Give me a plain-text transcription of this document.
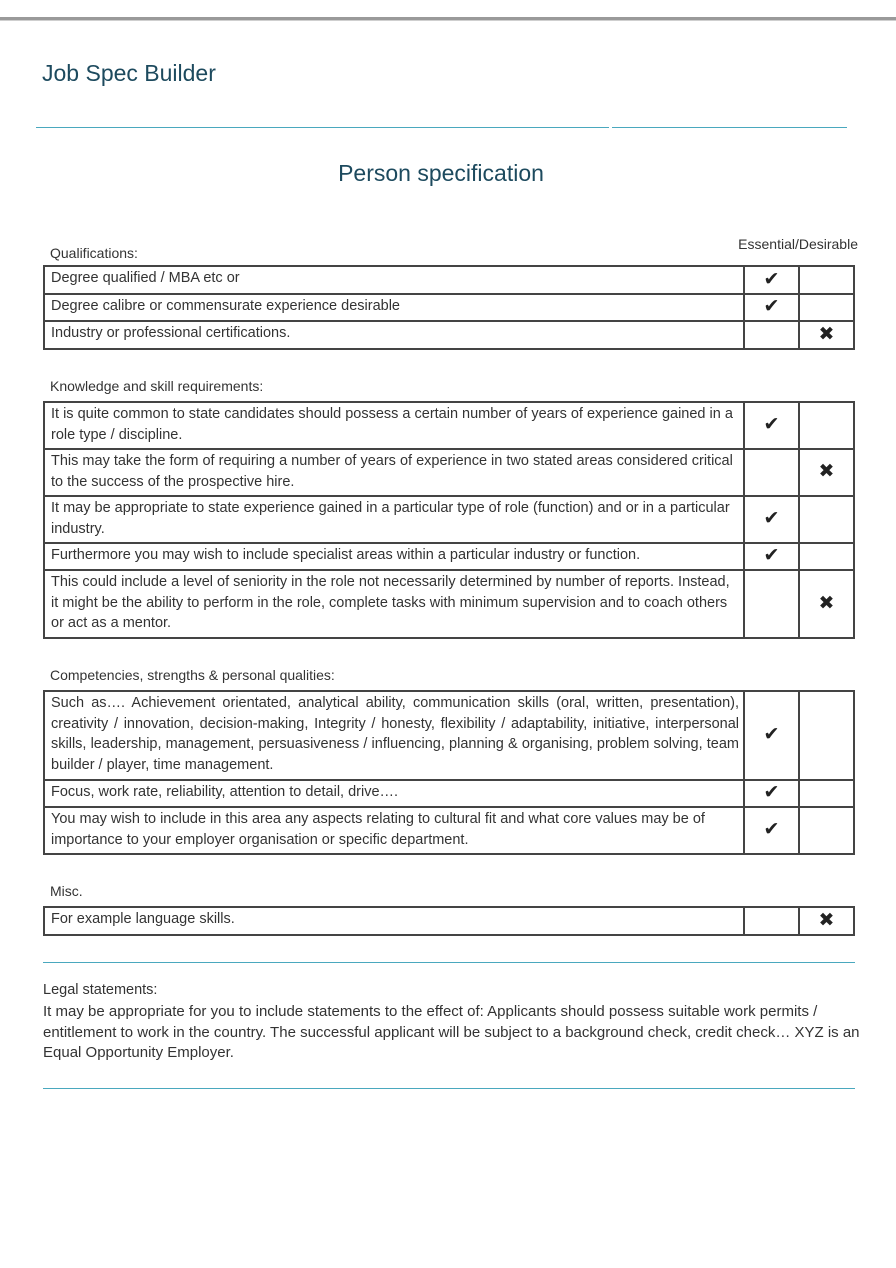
Job Spec Builder
Person specification
Essential/Desirable
Qualifications:
Degree qualified / MBA etc or	✔	
Degree calibre or commensurate experience desirable	✔	
Industry or professional certifications.		✖
Knowledge and skill requirements:
It is quite common to state candidates should possess a certain number of years of experience gained in a role type / discipline.	✔	
This may take the form of requiring a number of years of experience in two stated areas considered critical to the success of the prospective hire.		✖
It may be appropriate to state experience gained in a particular type of role (function) and or in a particular industry.	✔	
Furthermore you may wish to include specialist areas within a particular industry or function.	✔	
This could include a level of seniority in the role not necessarily determined by number of reports. Instead, it might be the ability to perform in the role, complete tasks with minimum supervision and to coach others or act as a mentor.		✖
Competencies, strengths & personal qualities:
Such as…. Achievement orientated, analytical ability, communication skills (oral, written, presentation), creativity / innovation, decision-making, Integrity / honesty, flexibility / adaptability, initiative, interpersonal skills, leadership, management, persuasiveness / influencing, planning & organising, problem solving, team builder / player, time management.	✔	
Focus, work rate, reliability, attention to detail, drive….	✔	
You may wish to include in this area any aspects relating to cultural fit and what core values may be of importance to your employer organisation or specific department.	✔	
Misc.
For example language skills.		✖
Legal statements:
It may be appropriate for you to include statements to the effect of: Applicants should possess suitable work permits / entitlement to work in the country. The successful applicant will be subject to a background check, credit check… XYZ is an Equal Opportunity Employer.
